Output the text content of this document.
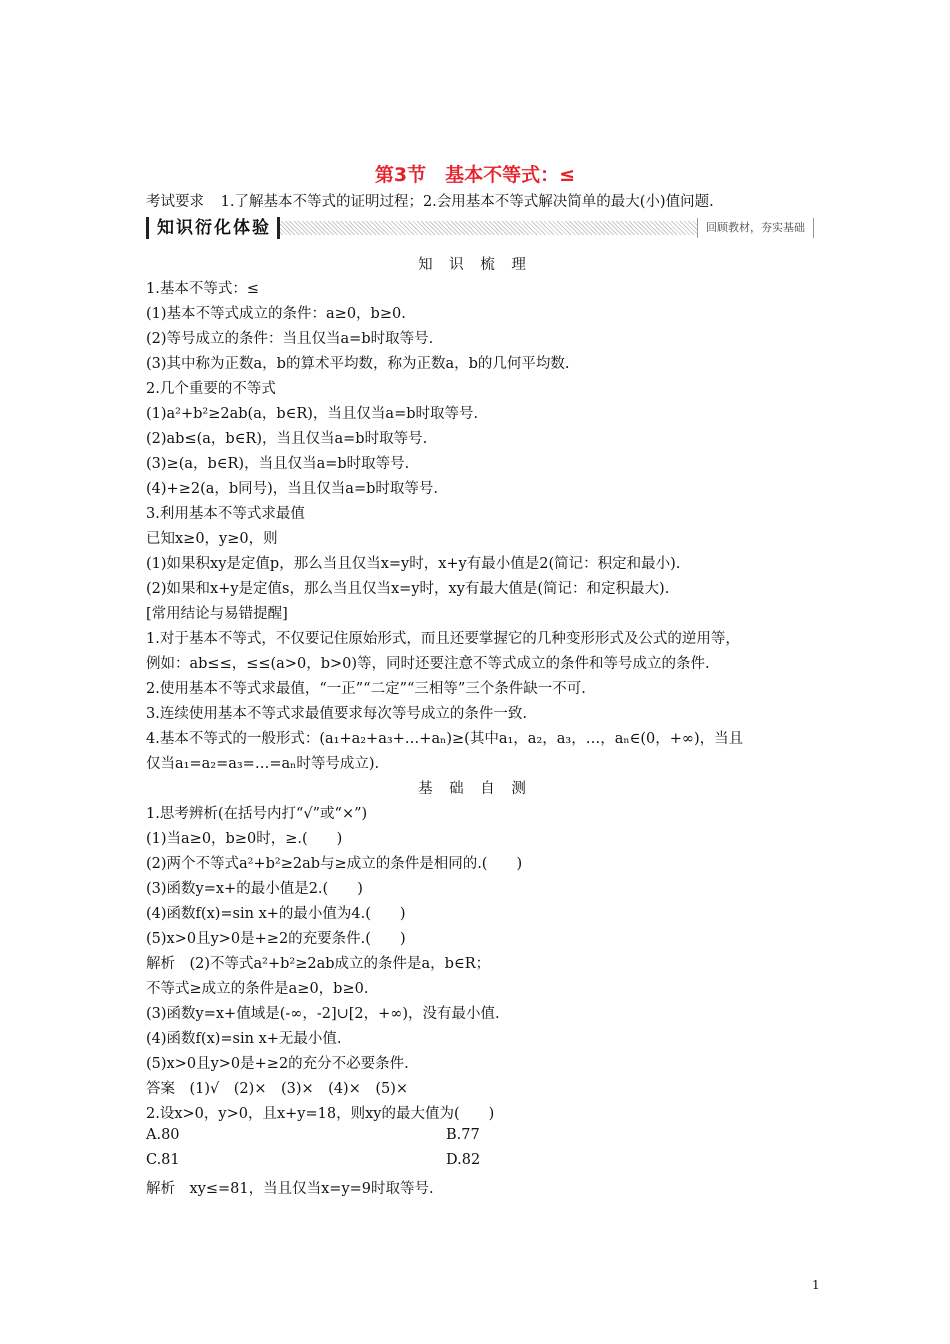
第3节　基本不等式：≤
考试要求 1.了解基本不等式的证明过程；2.会用基本不等式解决简单的最大(小)值问题.
知识衍化体验	回顾教材，夯实基础
知 识 梳 理
1.基本不等式：≤
(1)基本不等式成立的条件：a≥0，b≥0.
(2)等号成立的条件：当且仅当a=b时取等号.
(3)其中称为正数a，b的算术平均数，称为正数a，b的几何平均数.
2.几个重要的不等式
(1)a²+b²≥2ab(a，b∈R)，当且仅当a=b时取等号.
(2)ab≤(a，b∈R)，当且仅当a=b时取等号.
(3)≥(a，b∈R)，当且仅当a=b时取等号.
(4)+≥2(a，b同号)，当且仅当a=b时取等号.
3.利用基本不等式求最值
已知x≥0，y≥0，则
(1)如果积xy是定值p，那么当且仅当x=y时，x+y有最小值是2(简记：积定和最小).
(2)如果和x+y是定值s，那么当且仅当x=y时，xy有最大值是(简记：和定积最大).
[常用结论与易错提醒]
1.对于基本不等式，不仅要记住原始形式，而且还要掌握它的几种变形形式及公式的逆用等，
例如：ab≤≤，≤≤(a>0，b>0)等，同时还要注意不等式成立的条件和等号成立的条件.
2.使用基本不等式求最值，“一正”“二定”“三相等”三个条件缺一不可.
3.连续使用基本不等式求最值要求每次等号成立的条件一致.
4.基本不等式的一般形式：(a₁+a₂+a₃+…+aₙ)≥(其中a₁，a₂，a₃，…，aₙ∈(0，+∞)，当且
仅当a₁=a₂=a₃=…=aₙ时等号成立).
基 础 自 测
1.思考辨析(在括号内打“√”或“×”)
(1)当a≥0，b≥0时，≥.(　　)
(2)两个不等式a²+b²≥2ab与≥成立的条件是相同的.(　　)
(3)函数y=x+的最小值是2.(　　)
(4)函数f(x)=sin x+的最小值为4.(　　)
(5)x>0且y>0是+≥2的充要条件.(　　)
解析　(2)不等式a²+b²≥2ab成立的条件是a，b∈R；
不等式≥成立的条件是a≥0，b≥0.
(3)函数y=x+值域是(-∞，-2]∪[2，+∞)，没有最小值.
(4)函数f(x)=sin x+无最小值.
(5)x>0且y>0是+≥2的充分不必要条件.
答案　(1)√　(2)×　(3)×　(4)×　(5)×
2.设x>0，y>0，且x+y=18，则xy的最大值为(　　)
A.80	B.77
C.81	D.82
解析　xy≤=81，当且仅当x=y=9时取等号.
1
